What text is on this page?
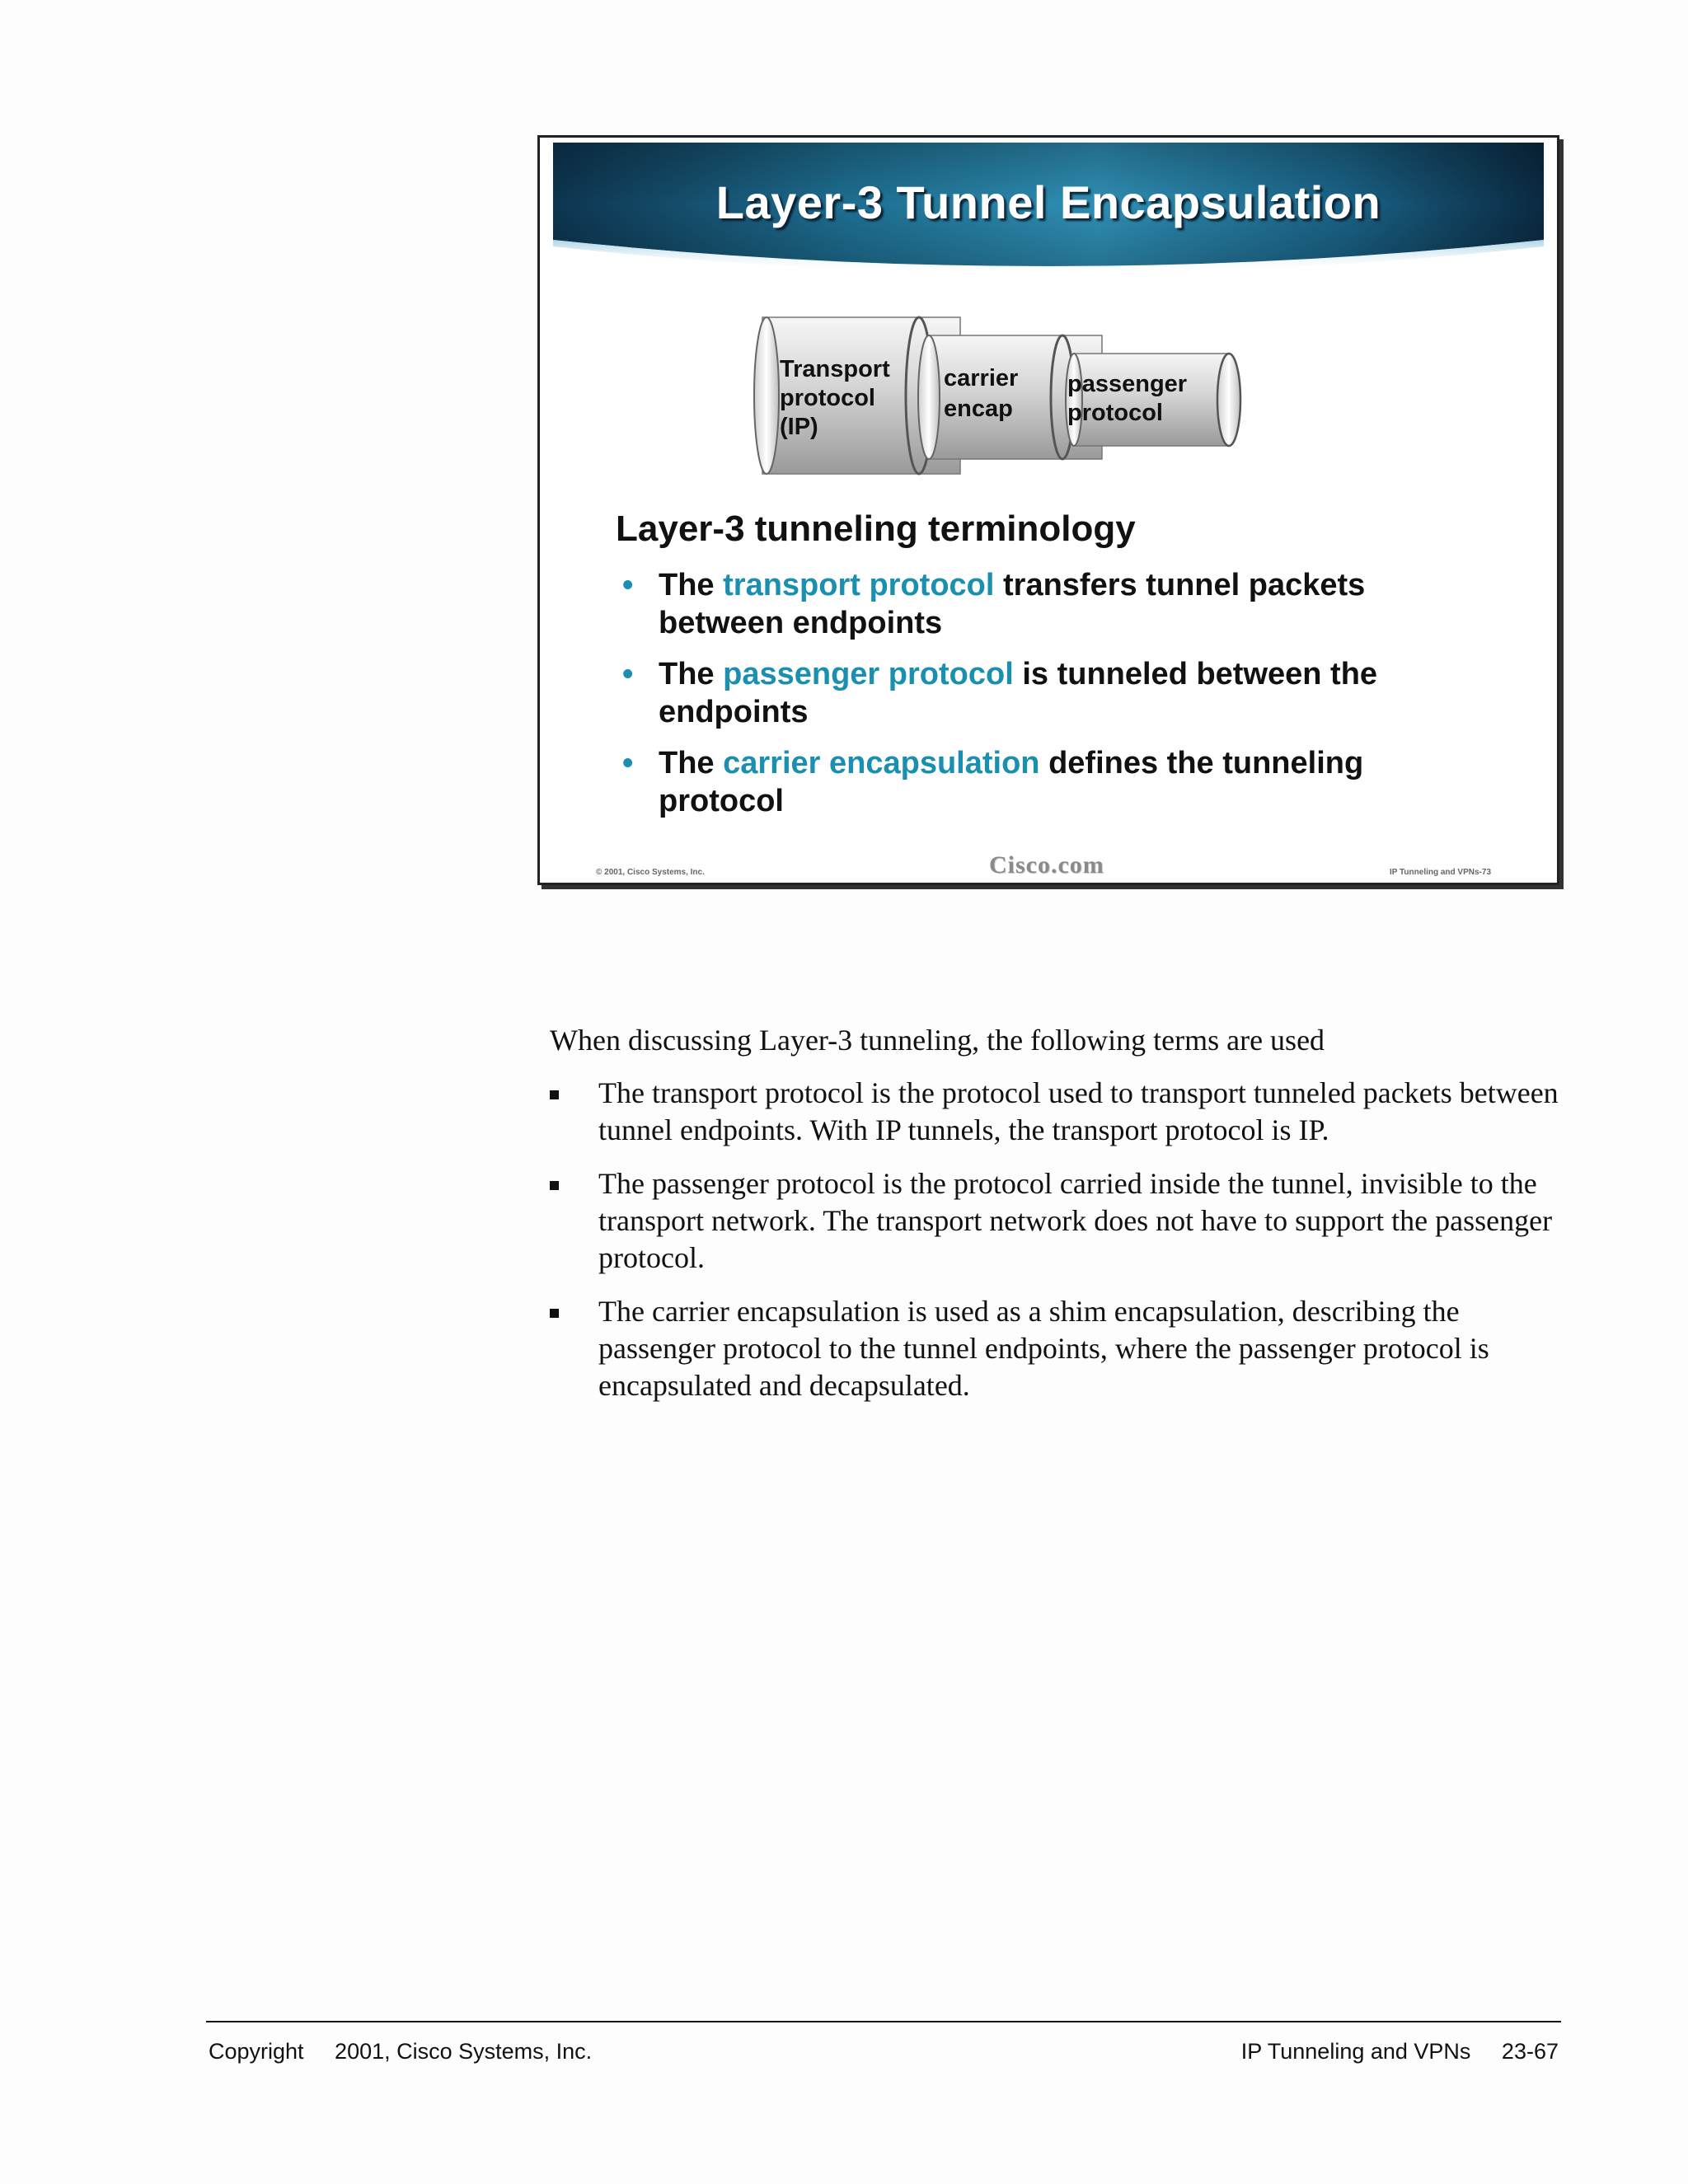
Layer-3 Tunnel Encapsulation
Transport
protocol
(IP)
carrier
encap
passenger
protocol
Layer-3 tunneling terminology
• The transport protocol transfers tunnel packets between endpoints
• The passenger protocol is tunneled between the endpoints
• The carrier encapsulation defines the tunneling protocol
© 2001, Cisco Systems, Inc.	Cisco.com	IP Tunneling and VPNs-73
When discussing Layer-3 tunneling, the following terms are used
The transport protocol is the protocol used to transport tunneled packets between tunnel endpoints. With IP tunnels, the transport protocol is IP.
The passenger protocol is the protocol carried inside the tunnel, invisible to the transport network. The transport network does not have to support the passenger protocol.
The carrier encapsulation is used as a shim encapsulation, describing the passenger protocol to the tunnel endpoints, where the passenger protocol is encapsulated and decapsulated.
Copyright     2001, Cisco Systems, Inc.	IP Tunneling and VPNs     23-67
